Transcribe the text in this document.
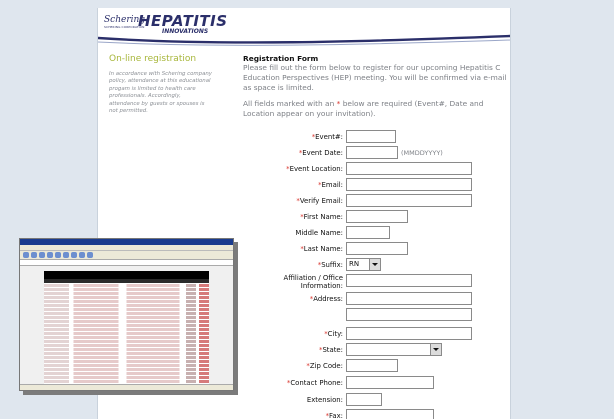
Schering
SCHERING CORPORATION
HEPATITIS
INNOVATIONS
On-line registration
In accordance with Schering company policy, attendance at this educational progam is limited to health care professionals. Accordingly, attendance by guests or spouses is not permitted.
Registration Form
Please fill out the form below to register for our upcoming Hepatitis C Education Perspectives (HEP) meeting. You will be confirmed via e-mail as space is limited.
All fields marked with an * below are required (Event#, Date and Location appear on your invitation).
*Event#:
*Event Date:	(MMDDYYYY)
*Event Location:
*Email:
*Verify Email:
*First Name:
Middle Name:
*Last Name:
*Suffix: RN
Affiliation / Office
Information:
*Address:
*City:
*State:
*Zip Code:
*Contact Phone:
Extension:
*Fax:
